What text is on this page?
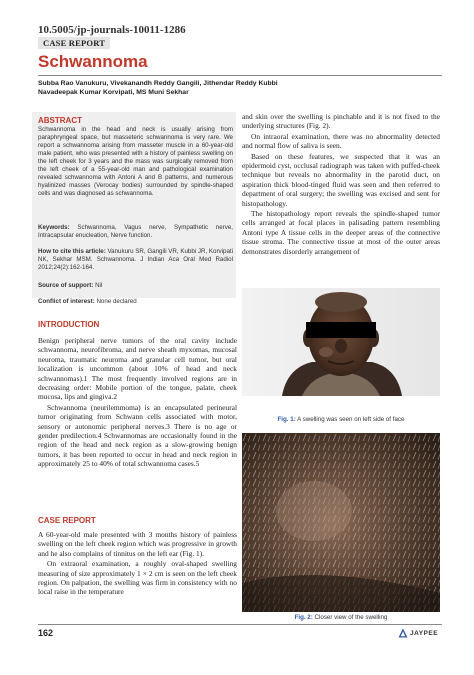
10.5005/jp-journals-10011-1286
CASE REPORT
Schwannoma
Subba Rao Vanukuru, Vivekanandh Reddy Gangili, Jithendar Reddy Kubbi
Navadeepak Kumar Korvipati, MS Muni Sekhar
ABSTRACT
Schwannoma in the head and neck is usually arising from paraphryngeal space, but masseteric schwannoma is very rare. We report a schwannoma arising from masseter muscle in a 60-year-old male patient, who was presented with a history of painless swelling on the left cheek for 3 years and the mass was surgically removed from the left cheek of a 55-year-old man and pathological examination revealed schwannoma with Antoni A and B patterns, and numerous hyalinized masses (Verocay bodies) surrounded by spindle-shaped cells and was diagnosed as schwannoma.
Keywords: Schwannoma, Vagus nerve, Sympathetic nerve, Intracapsular enucleation, Nerve function.
How to cite this article: Vanukuru SR, Gangili VR, Kubbi JR, Korvipati NK, Sekhar MSM. Schwannoma. J Indian Aca Oral Med Radiol 2012;24(2):162-164.
Source of support: Nil
Conflict of interest: None declared
INTRODUCTION

Benign peripheral nerve tumors of the oral cavity include schwannoma, neurofibroma, and nerve sheath myxomas, mucosal neuroma, traumatic neuroma and granular cell tumor, but oral localization is uncommon (about 10% of head and neck schwannomas).1 The most frequently involved regions are in decreasing order: Mobile portion of the tongue, palate, cheek mucosa, lips and gingiva.2

Schwannoma (neurilemmoma) is an encapsulated perineural tumor originating from Schwann cells associated with motor, sensory or autonomic peripheral nerves.3 There is no age or gender predilection.4 Schwannomas are occasionally found in the region of the head and neck region as a slow-growing benign tumors, it has been reported to occur in head and neck region in approximately 25 to 40% of total schwannoma cases.5

CASE REPORT

A 60-year-old male presented with 3 months history of painless swelling on the left cheek region which was progressive in growth and he also complains of tinnitus on the left ear (Fig. 1).

On extraoral examination, a roughly oval-shaped swelling measuring of size approximately 1 × 2 cm is seen on the left cheek region. On palpation, the swelling was firm in consistency with no local raise in the temperature

and skin over the swelling is pinchable and it is not fixed to the underlying structures (Fig. 2).

On intraoral examination, there was no abnormality detected and normal flow of saliva is seen.

Based on these features, we suspected that it was an epidermoid cyst, occlusal radiograph was taken with puffed-cheek technique but reveals no abnormality in the parotid duct, on aspiration thick blood-tinged fluid was seen and then referred to department of oral surgery; the swelling was excised and sent for histopathology.

The histopathology report reveals the spindle-shaped tumor cells arranged at focal places in palisading pattern resembling Antoni type A tissue cells in the deeper areas of the connective tissue stroma. The connective tissue at most of the outer areas demonstrates disorderly arrangement of

Fig. 1: A swelling was seen on left side of face
Fig. 2: Closer view of the swelling
162	JAYPEE
